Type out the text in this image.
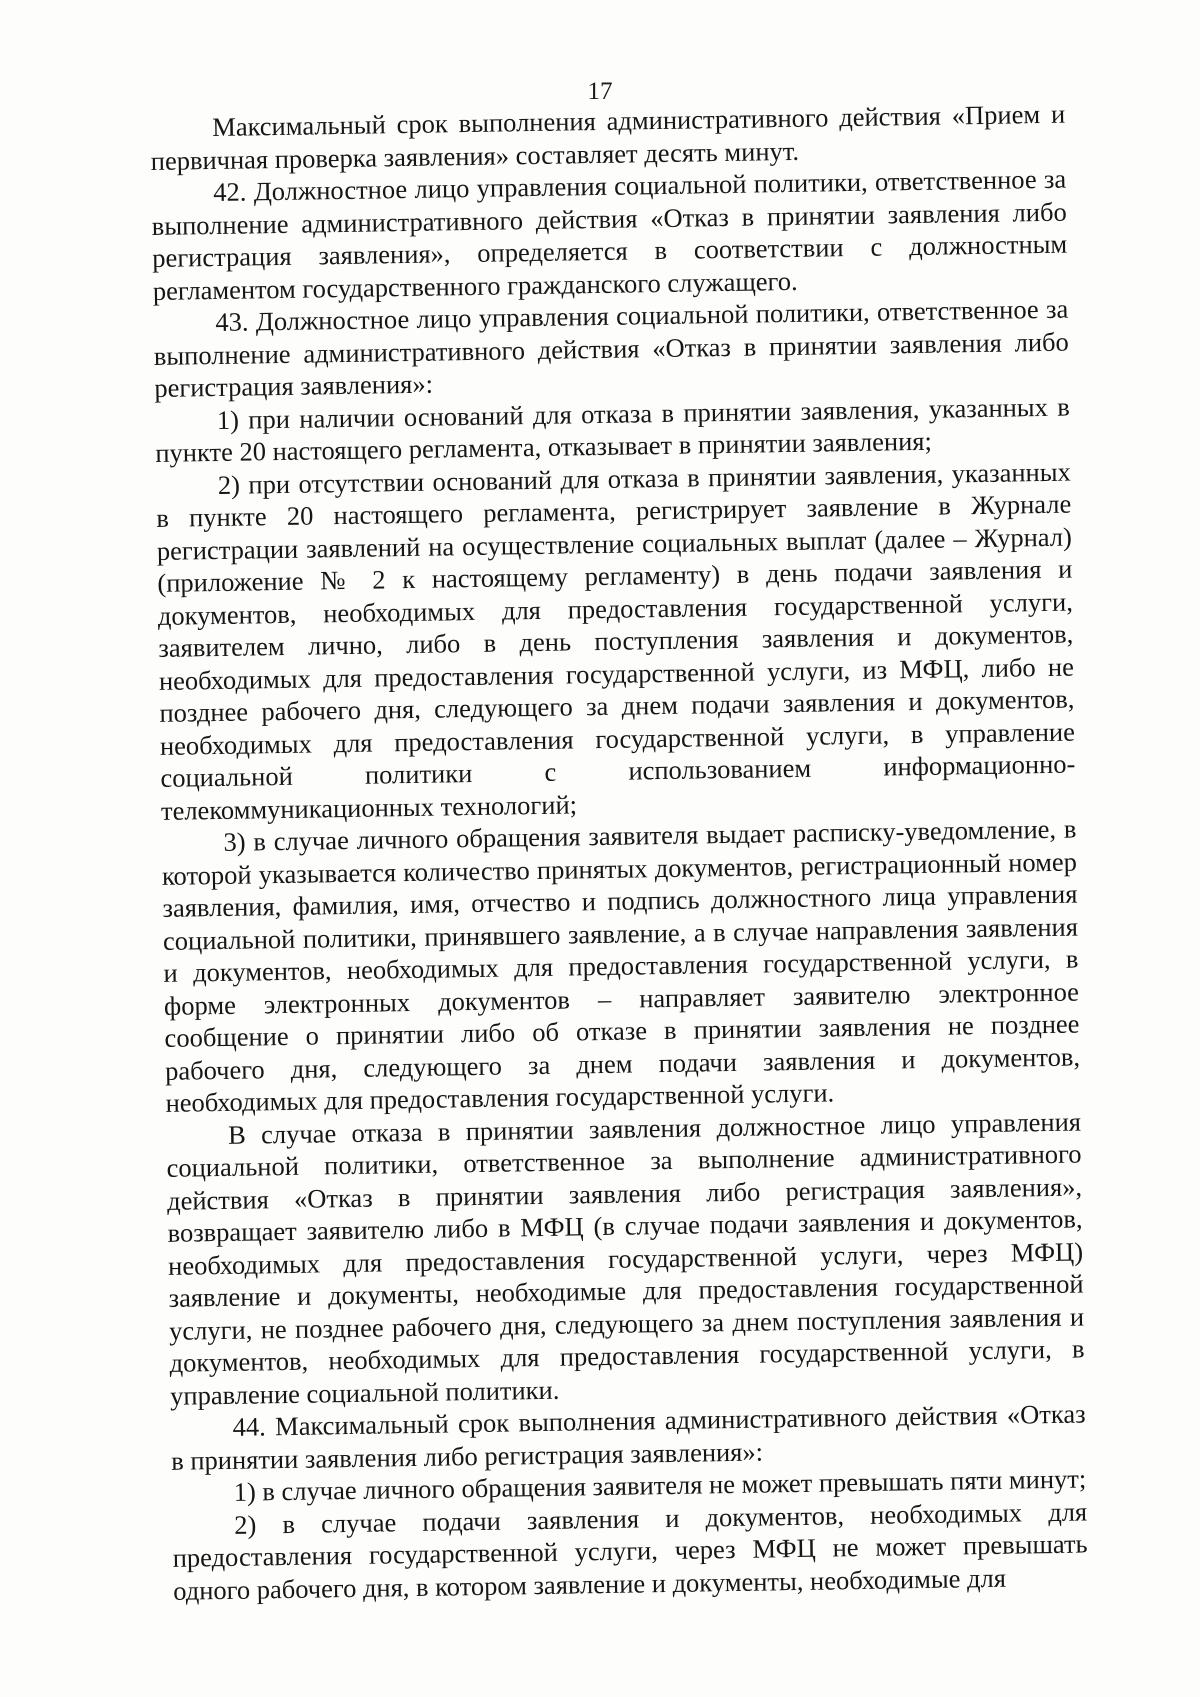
17

Максимальный срок выполнения административного действия «Прием и первичная проверка заявления» составляет десять минут.

42. Должностное лицо управления социальной политики, ответственное за выполнение административного действия «Отказ в принятии заявления либо регистрация заявления», определяется в соответствии с должностным регламентом государственного гражданского служащего.

43. Должностное лицо управления социальной политики, ответственное за выполнение административного действия «Отказ в принятии заявления либо регистрация заявления»:

1) при наличии оснований для отказа в принятии заявления, указанных в пункте 20 настоящего регламента, отказывает в принятии заявления;

2) при отсутствии оснований для отказа в принятии заявления, указанных в пункте 20 настоящего регламента, регистрирует заявление в Журнале регистрации заявлений на осуществление социальных выплат (далее – Журнал) (приложение № 2 к настоящему регламенту) в день подачи заявления и документов, необходимых для предоставления государственной услуги, заявителем лично, либо в день поступления заявления и документов, необходимых для предоставления государственной услуги, из МФЦ, либо не позднее рабочего дня, следующего за днем подачи заявления и документов, необходимых для предоставления государственной услуги, в управление социальной политики с использованием информационно-телекоммуникационных технологий;

3) в случае личного обращения заявителя выдает расписку-уведомление, в которой указывается количество принятых документов, регистрационный номер заявления, фамилия, имя, отчество и подпись должностного лица управления социальной политики, принявшего заявление, а в случае направления заявления и документов, необходимых для предоставления государственной услуги, в форме электронных документов – направляет заявителю электронное сообщение о принятии либо об отказе в принятии заявления не позднее рабочего дня, следующего за днем подачи заявления и документов, необходимых для предоставления государственной услуги.

В случае отказа в принятии заявления должностное лицо управления социальной политики, ответственное за выполнение административного действия «Отказ в принятии заявления либо регистрация заявления», возвращает заявителю либо в МФЦ (в случае подачи заявления и документов, необходимых для предоставления государственной услуги, через МФЦ) заявление и документы, необходимые для предоставления государственной услуги, не позднее рабочего дня, следующего за днем поступления заявления и документов, необходимых для предоставления государственной услуги, в управление социальной политики.

44. Максимальный срок выполнения административного действия «Отказ в принятии заявления либо регистрация заявления»:

1) в случае личного обращения заявителя не может превышать пяти минут;

2) в случае подачи заявления и документов, необходимых для предоставления государственной услуги, через МФЦ не может превышать одного рабочего дня, в котором заявление и документы, необходимые для
